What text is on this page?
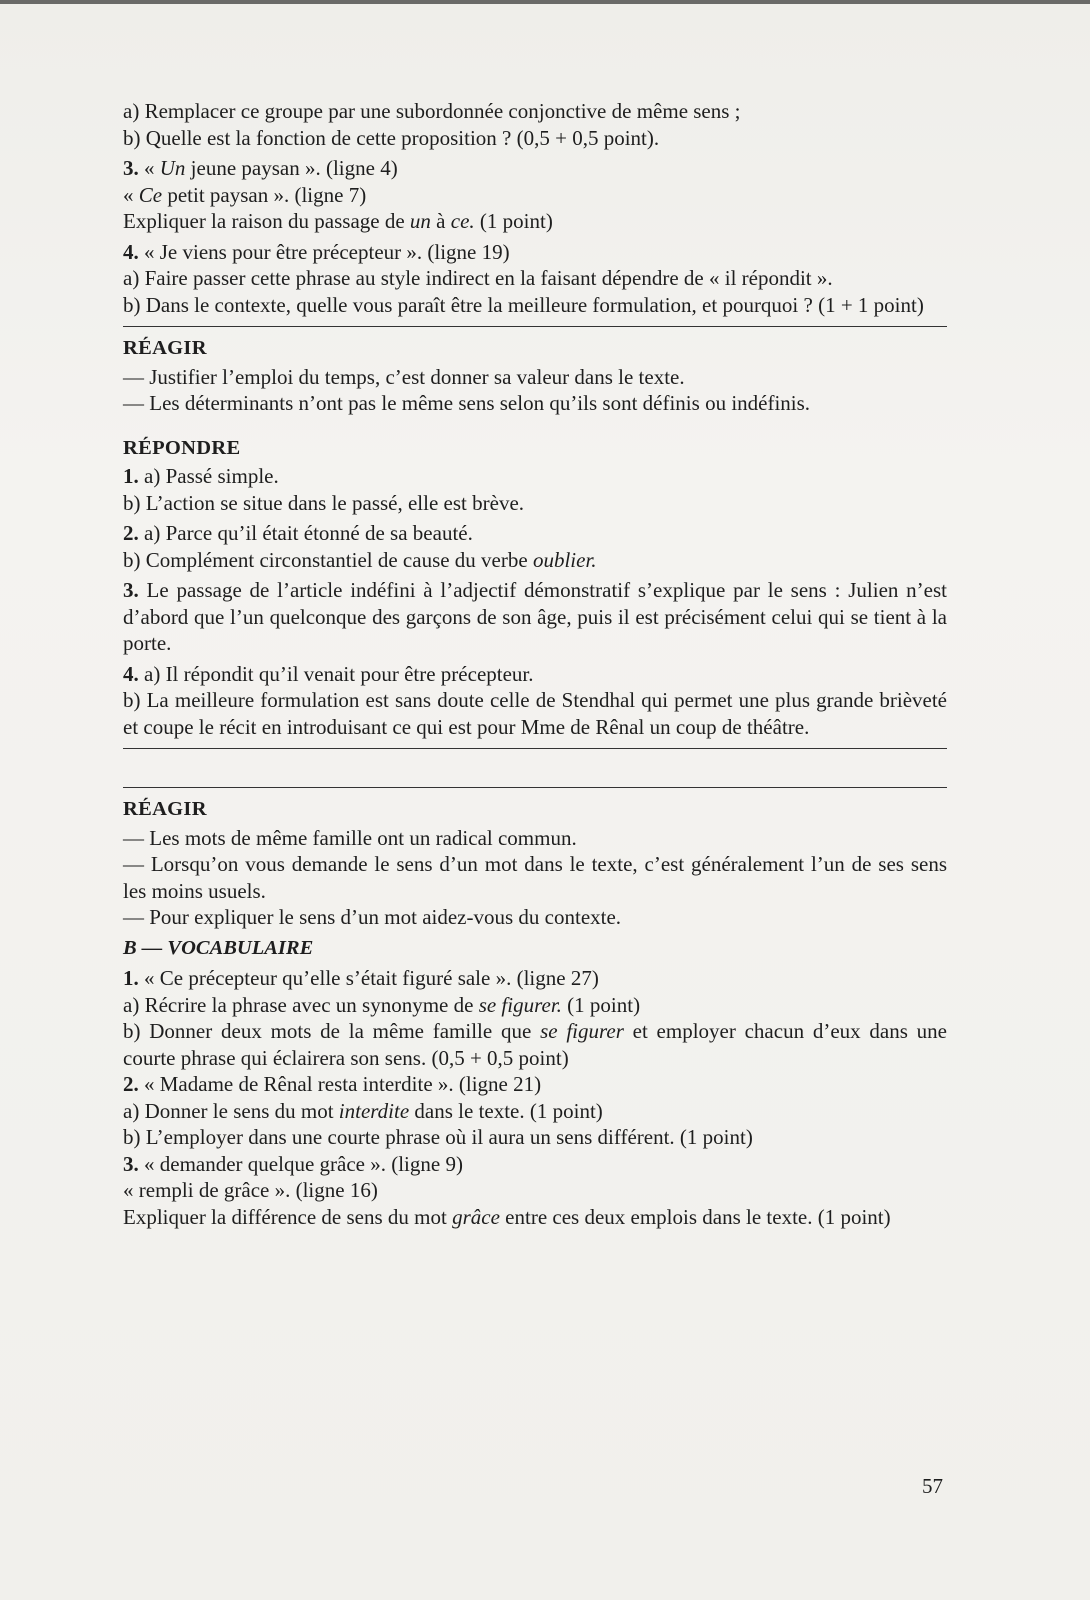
a) Remplacer ce groupe par une subordonnée conjonctive de même sens ;

b) Quelle est la fonction de cette proposition ? (0,5 + 0,5 point).

3. « Un jeune paysan ». (ligne 4)

« Ce petit paysan ». (ligne 7)

Expliquer la raison du passage de un à ce. (1 point)

4. « Je viens pour être précepteur ». (ligne 19)

a) Faire passer cette phrase au style indirect en la faisant dépendre de « il répondit ».

b) Dans le contexte, quelle vous paraît être la meilleure formulation, et pourquoi ? (1 + 1 point)

RÉAGIR

— Justifier l’emploi du temps, c’est donner sa valeur dans le texte.

— Les déterminants n’ont pas le même sens selon qu’ils sont définis ou indéfinis.

RÉPONDRE

1. a) Passé simple.

b) L’action se situe dans le passé, elle est brève.

2. a) Parce qu’il était étonné de sa beauté.

b) Complément circonstantiel de cause du verbe oublier.

3. Le passage de l’article indéfini à l’adjectif démonstratif s’explique par le sens : Julien n’est d’abord que l’un quelconque des garçons de son âge, puis il est précisément celui qui se tient à la porte.

4. a) Il répondit qu’il venait pour être précepteur.

b) La meilleure formulation est sans doute celle de Stendhal qui permet une plus grande brièveté et coupe le récit en introduisant ce qui est pour Mme de Rênal un coup de théâtre.

RÉAGIR

— Les mots de même famille ont un radical commun.

— Lorsqu’on vous demande le sens d’un mot dans le texte, c’est généralement l’un de ses sens les moins usuels.

— Pour expliquer le sens d’un mot aidez-vous du contexte.

B — VOCABULAIRE

1. « Ce précepteur qu’elle s’était figuré sale ». (ligne 27)

a) Récrire la phrase avec un synonyme de se figurer. (1 point)

b) Donner deux mots de la même famille que se figurer et employer chacun d’eux dans une courte phrase qui éclairera son sens. (0,5 + 0,5 point)

2. « Madame de Rênal resta interdite ». (ligne 21)

a) Donner le sens du mot interdite dans le texte. (1 point)

b) L’employer dans une courte phrase où il aura un sens différent. (1 point)

3. « demander quelque grâce ». (ligne 9)

« rempli de grâce ». (ligne 16)

Expliquer la différence de sens du mot grâce entre ces deux emplois dans le texte. (1 point)

57
